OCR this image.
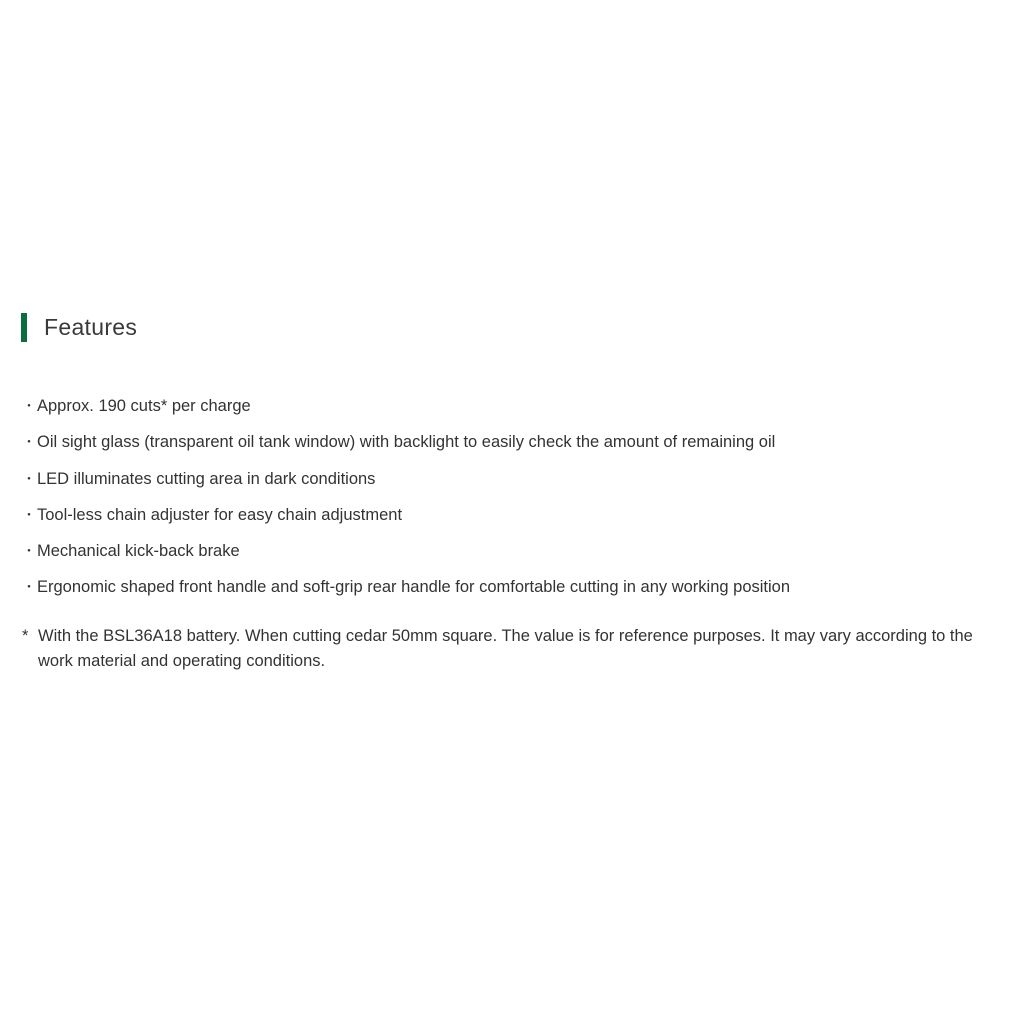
Features
・ Approx. 190 cuts* per charge
・ Oil sight glass (transparent oil tank window) with backlight to easily check the amount of remaining oil
・ LED illuminates cutting area in dark conditions
・ Tool-less chain adjuster for easy chain adjustment
・ Mechanical kick-back brake
・ Ergonomic shaped front handle and soft-grip rear handle for comfortable cutting in any working position
* With the BSL36A18 battery. When cutting cedar 50mm square. The value is for reference purposes. It may vary according to the work material and operating conditions.
